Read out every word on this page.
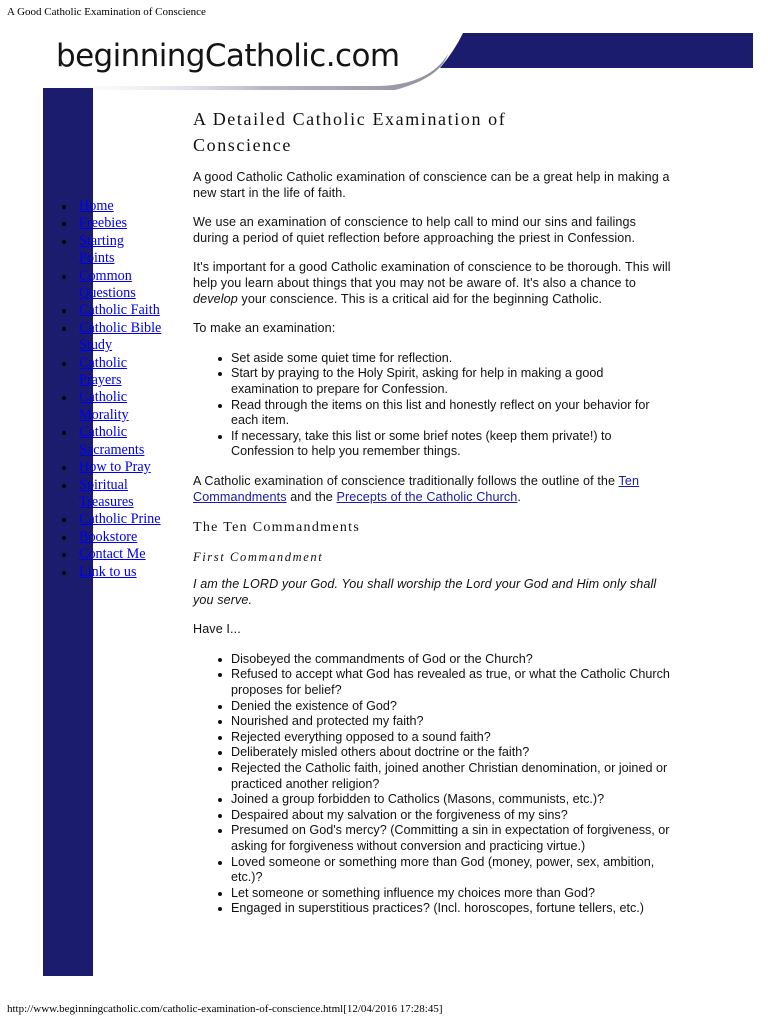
A Good Catholic Examination of Conscience
beginningCatholic.com
Home
Freebies
Starting Points
Common Questions
Catholic Faith
Catholic Bible Study
Catholic Prayers
Catholic Morality
Catholic Sacraments
How to Pray
Spiritual Treasures
Catholic Prine
Bookstore
Contact Me
Link to us
A Detailed Catholic Examination of Conscience

A good Catholic Catholic examination of conscience can be a great help in making a new start in the life of faith.

We use an examination of conscience to help call to mind our sins and failings during a period of quiet reflection before approaching the priest in Confession.

It's important for a good Catholic examination of conscience to be thorough. This will help you learn about things that you may not be aware of. It's also a chance to develop your conscience. This is a critical aid for the beginning Catholic.

To make an examination:

Set aside some quiet time for reflection.
Start by praying to the Holy Spirit, asking for help in making a good examination to prepare for Confession.
Read through the items on this list and honestly reflect on your behavior for each item.
If necessary, take this list or some brief notes (keep them private!) to Confession to help you remember things.

A Catholic examination of conscience traditionally follows the outline of the Ten Commandments and the Precepts of the Catholic Church.

The Ten Commandments
First Commandment

I am the LORD your God. You shall worship the Lord your God and Him only shall you serve.

Have I...

Disobeyed the commandments of God or the Church?
Refused to accept what God has revealed as true, or what the Catholic Church proposes for belief?
Denied the existence of God?
Nourished and protected my faith?
Rejected everything opposed to a sound faith?
Deliberately misled others about doctrine or the faith?
Rejected the Catholic faith, joined another Christian denomination, or joined or practiced another religion?
Joined a group forbidden to Catholics (Masons, communists, etc.)?
Despaired about my salvation or the forgiveness of my sins?
Presumed on God's mercy? (Committing a sin in expectation of forgiveness, or asking for forgiveness without conversion and practicing virtue.)
Loved someone or something more than God (money, power, sex, ambition, etc.)?
Let someone or something influence my choices more than God?
Engaged in superstitious practices? (Incl. horoscopes, fortune tellers, etc.)
http://www.beginningcatholic.com/catholic-examination-of-conscience.html[12/04/2016 17:28:45]
